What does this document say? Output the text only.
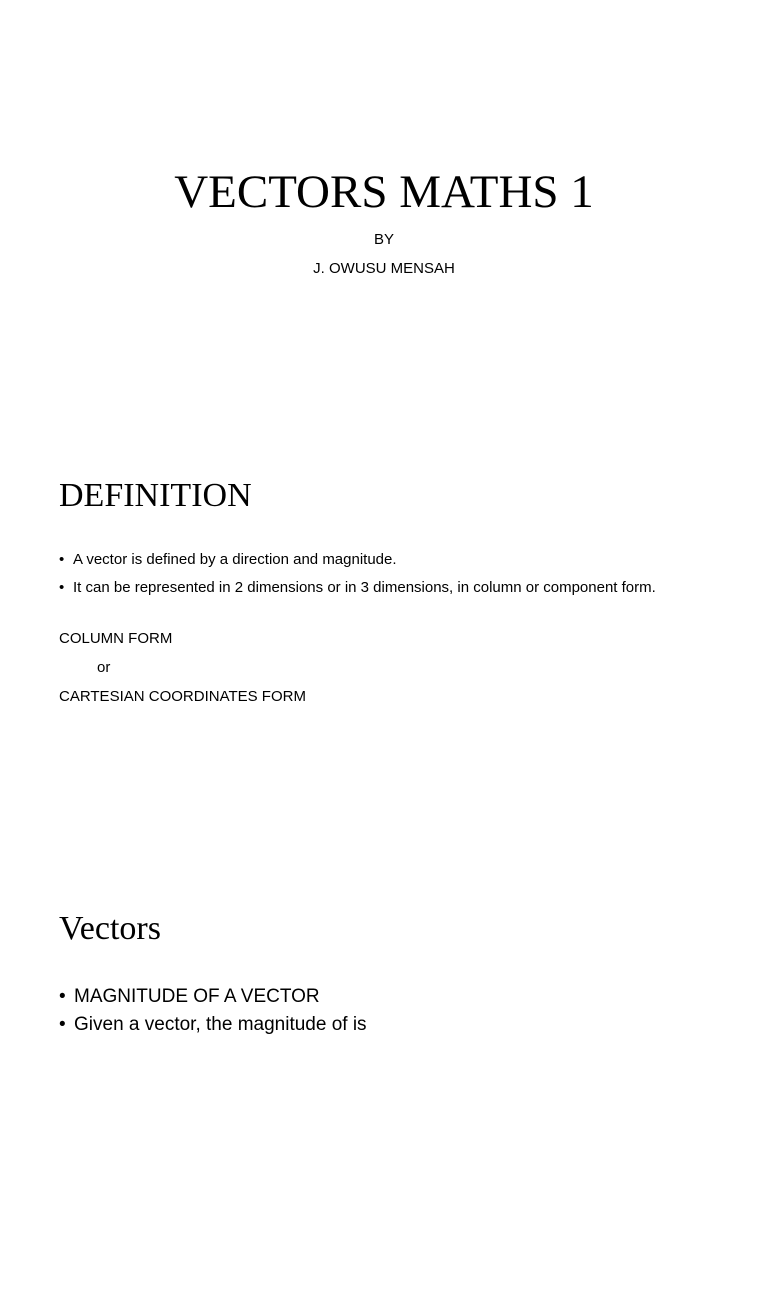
VECTORS MATHS 1

BY

J. OWUSU MENSAH

DEFINITION
• A vector is defined by a direction and magnitude.
• It can be represented in 2 dimensions or in 3 dimensions, in column or component form.

COLUMN FORM

or

CARTESIAN COORDINATES FORM

Vectors
• MAGNITUDE OF A VECTOR
• Given a vector, the magnitude of is
